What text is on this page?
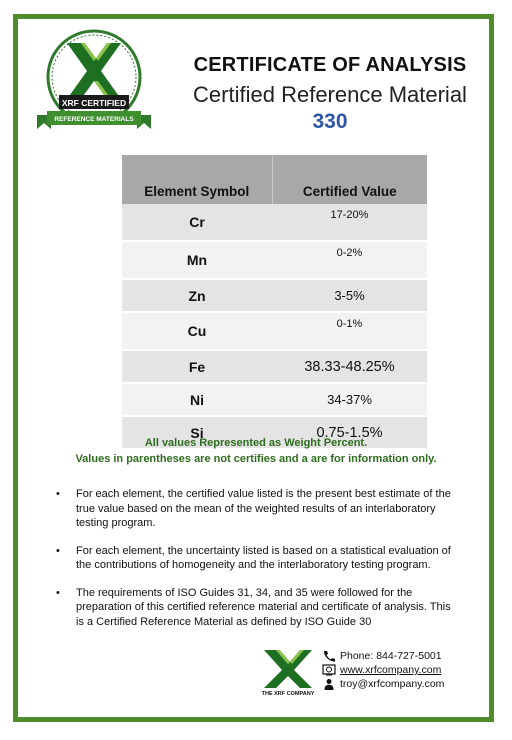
XRF CERTIFIED
REFERENCE MATERIALS
CERTIFICATE OF ANALYSIS
Certified Reference Material
330
Element Symbol	Certified Value
Cr	17-20%
Mn	0-2%
Zn	3-5%
Cu	0-1%
Fe	38.33-48.25%
Ni	34-37%
Si	0.75-1.5%
All values Represented as Weight Percent.
Values in parentheses are not certifies and a are for information only.
• For each element, the certified value listed is the present best estimate of the true value based on the mean of the weighted results of an interlaboratory testing program.
• For each element, the uncertainty listed is based on a statistical evaluation of the contributions of homogeneity and the interlaboratory testing program.
• The requirements of ISO Guides 31, 34, and 35 were followed for the preparation of this certified reference material and certificate of analysis. This is a Certified Reference Material as defined by ISO Guide 30
THE XRF COMPANY
Phone: 844-727-5001
www.xrfcompany.com
troy@xrfcompany.com
